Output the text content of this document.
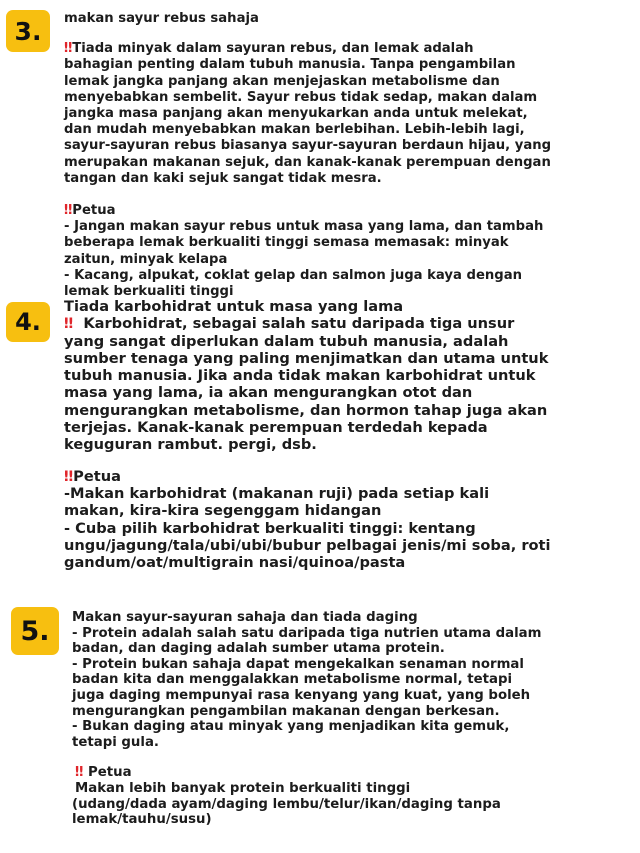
3.	makan sayur rebus sahaja
‼ Tiada minyak dalam sayuran rebus, dan lemak adalah
bahagian penting dalam tubuh manusia. Tanpa pengambilan
lemak jangka panjang akan menjejaskan metabolisme dan
menyebabkan sembelit. Sayur rebus tidak sedap, makan dalam
jangka masa panjang akan menyukarkan anda untuk melekat,
dan mudah menyebabkan makan berlebihan. Lebih-lebih lagi,
sayur-sayuran rebus biasanya sayur-sayuran berdaun hijau, yang
merupakan makanan sejuk, dan kanak-kanak perempuan dengan
tangan dan kaki sejuk sangat tidak mesra.
‼ Petua
- Jangan makan sayur rebus untuk masa yang lama, dan tambah
beberapa lemak berkualiti tinggi semasa memasak: minyak
zaitun, minyak kelapa
- Kacang, alpukat, coklat gelap dan salmon juga kaya dengan
lemak berkualiti tinggi
4.
Tiada karbohidrat untuk masa yang lama
‼ Karbohidrat, sebagai salah satu daripada tiga unsur
yang sangat diperlukan dalam tubuh manusia, adalah
sumber tenaga yang paling menjimatkan dan utama untuk
tubuh manusia. Jika anda tidak makan karbohidrat untuk
masa yang lama, ia akan mengurangkan otot dan
mengurangkan metabolisme, dan hormon tahap juga akan
terjejas. Kanak-kanak perempuan terdedah kepada
keguguran rambut. pergi, dsb.
‼ Petua
-Makan karbohidrat (makanan ruji) pada setiap kali
makan, kira-kira segenggam hidangan
- Cuba pilih karbohidrat berkualiti tinggi: kentang
ungu/jagung/tala/ubi/ubi/bubur pelbagai jenis/mi soba, roti
gandum/oat/multigrain nasi/quinoa/pasta
5.	Makan sayur-sayuran sahaja dan tiada daging
- Protein adalah salah satu daripada tiga nutrien utama dalam
badan, dan daging adalah sumber utama protein.
- Protein bukan sahaja dapat mengekalkan senaman normal
badan kita dan menggalakkan metabolisme normal, tetapi
juga daging mempunyai rasa kenyang yang kuat, yang boleh
mengurangkan pengambilan makanan dengan berkesan.
- Bukan daging atau minyak yang menjadikan kita gemuk,
tetapi gula.
‼ Petua
Makan lebih banyak protein berkualiti tinggi
(udang/dada ayam/daging lembu/telur/ikan/daging tanpa
lemak/tauhu/susu)
